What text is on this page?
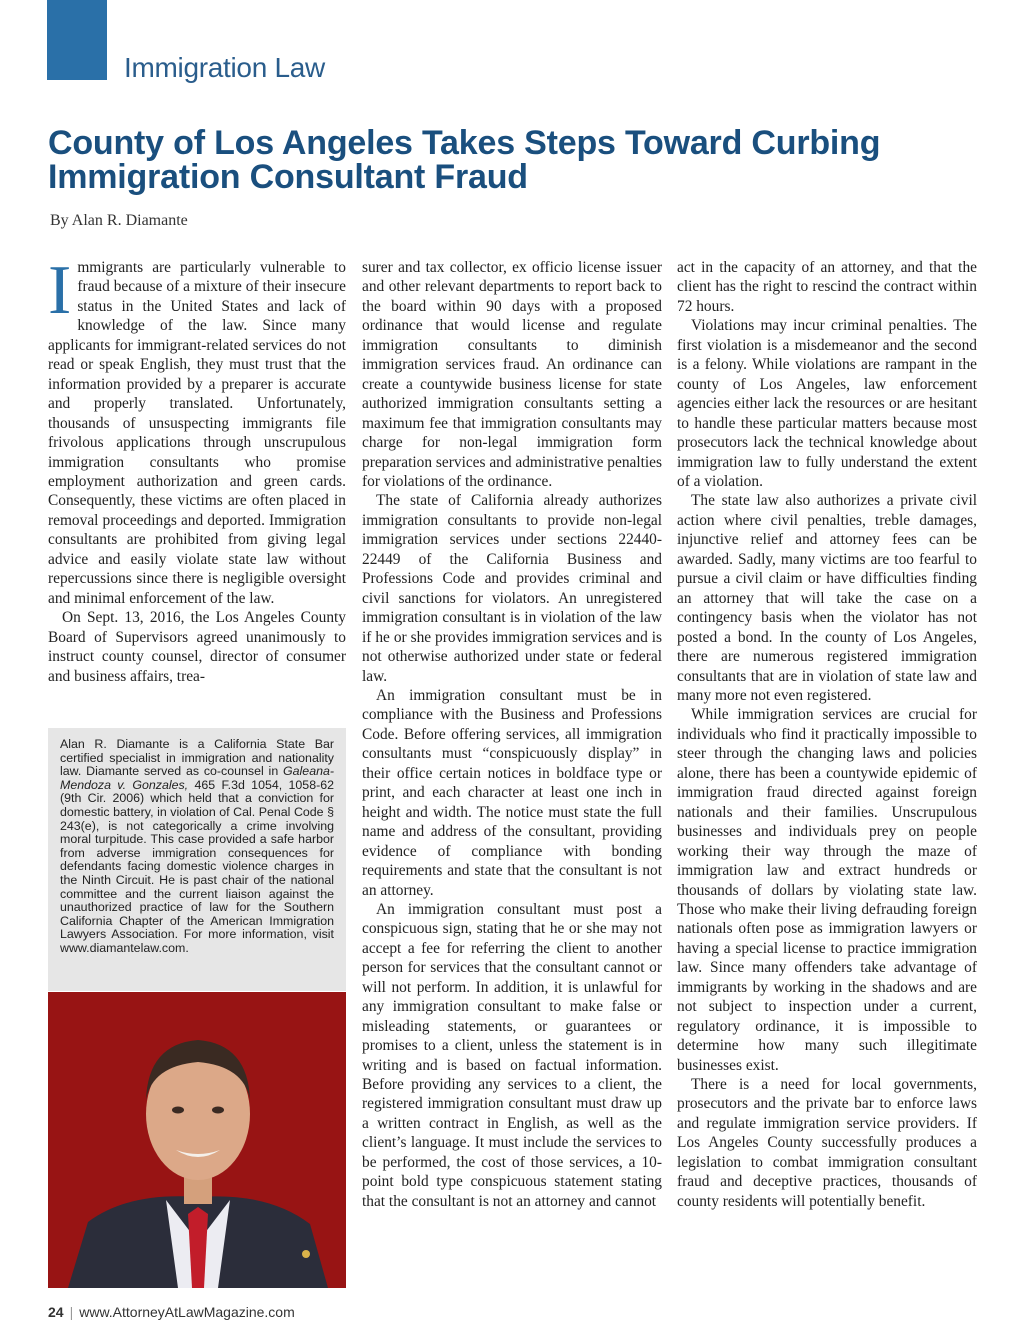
Immigration Law
County of Los Angeles Takes Steps Toward Curbing Immigration Consultant Fraud
By Alan R. Diamante

Immigrants are particularly vulnerable to fraud because of a mixture of their insecure status in the United States and lack of knowledge of the law. Since many applicants for immigrant-related services do not read or speak English, they must trust that the information provided by a preparer is accurate and properly translated. Unfortunately, thousands of unsuspecting immigrants file frivolous applications through unscrupulous immigration consultants who promise employment authorization and green cards. Consequently, these victims are often placed in removal proceedings and deported. Immigration consultants are prohibited from giving legal advice and easily violate state law without repercussions since there is negligible oversight and minimal enforcement of the law.

On Sept. 13, 2016, the Los Angeles County Board of Supervisors agreed unanimously to instruct county counsel, director of consumer and business affairs, trea-

Alan R. Diamante is a California State Bar certified specialist in immigration and nationality law. Diamante served as co-counsel in Galeana-Mendoza v. Gonzales, 465 F.3d 1054, 1058-62 (9th Cir. 2006) which held that a conviction for domestic battery, in violation of Cal. Penal Code § 243(e), is not categorically a crime involving moral turpitude. This case provided a safe harbor from adverse immigration consequences for defendants facing domestic violence charges in the Ninth Circuit. He is past chair of the national committee and the current liaison against the unauthorized practice of law for the Southern California Chapter of the American Immigration Lawyers Association. For more information, visit www.diamantelaw.com.

surer and tax collector, ex officio license issuer and other relevant departments to report back to the board within 90 days with a proposed ordinance that would license and regulate immigration consultants to diminish immigration services fraud. An ordinance can create a countywide business license for state authorized immigration consultants setting a maximum fee that immigration consultants may charge for non-legal immigration form preparation services and administrative penalties for violations of the ordinance.

The state of California already authorizes immigration consultants to provide non-legal immigration services under sections 22440-22449 of the California Business and Professions Code and provides criminal and civil sanctions for violators. An unregistered immigration consultant is in violation of the law if he or she provides immigration services and is not otherwise authorized under state or federal law.

An immigration consultant must be in compliance with the Business and Professions Code. Before offering services, all immigration consultants must “conspicuously display” in their office certain notices in boldface type or print, and each character at least one inch in height and width. The notice must state the full name and address of the consultant, providing evidence of compliance with bonding requirements and state that the consultant is not an attorney.

An immigration consultant must post a conspicuous sign, stating that he or she may not accept a fee for referring the client to another person for services that the consultant cannot or will not perform. In addition, it is unlawful for any immigration consultant to make false or misleading statements, or guarantees or promises to a client, unless the statement is in writing and is based on factual information. Before providing any services to a client, the registered immigration consultant must draw up a written contract in English, as well as the client’s language. It must include the services to be performed, the cost of those services, a 10-point bold type conspicuous statement stating that the consultant is not an attorney and cannot

act in the capacity of an attorney, and that the client has the right to rescind the contract within 72 hours.

Violations may incur criminal penalties. The first violation is a misdemeanor and the second is a felony. While violations are rampant in the county of Los Angeles, law enforcement agencies either lack the resources or are hesitant to handle these particular matters because most prosecutors lack the technical knowledge about immigration law to fully understand the extent of a violation.

The state law also authorizes a private civil action where civil penalties, treble damages, injunctive relief and attorney fees can be awarded. Sadly, many victims are too fearful to pursue a civil claim or have difficulties finding an attorney that will take the case on a contingency basis when the violator has not posted a bond. In the county of Los Angeles, there are numerous registered immigration consultants that are in violation of state law and many more not even registered.

While immigration services are crucial for individuals who find it practically impossible to steer through the changing laws and policies alone, there has been a countywide epidemic of immigration fraud directed against foreign nationals and their families. Unscrupulous businesses and individuals prey on people working their way through the maze of immigration law and extract hundreds or thousands of dollars by violating state law. Those who make their living defrauding foreign nationals often pose as immigration lawyers or having a special license to practice immigration law. Since many offenders take advantage of immigrants by working in the shadows and are not subject to inspection under a current, regulatory ordinance, it is impossible to determine how many such illegitimate businesses exist.

There is a need for local governments, prosecutors and the private bar to enforce laws and regulate immigration service providers. If Los Angeles County successfully produces a legislation to combat immigration consultant fraud and deceptive practices, thousands of county residents will potentially benefit.

24 | www.AttorneyAtLawMagazine.com
